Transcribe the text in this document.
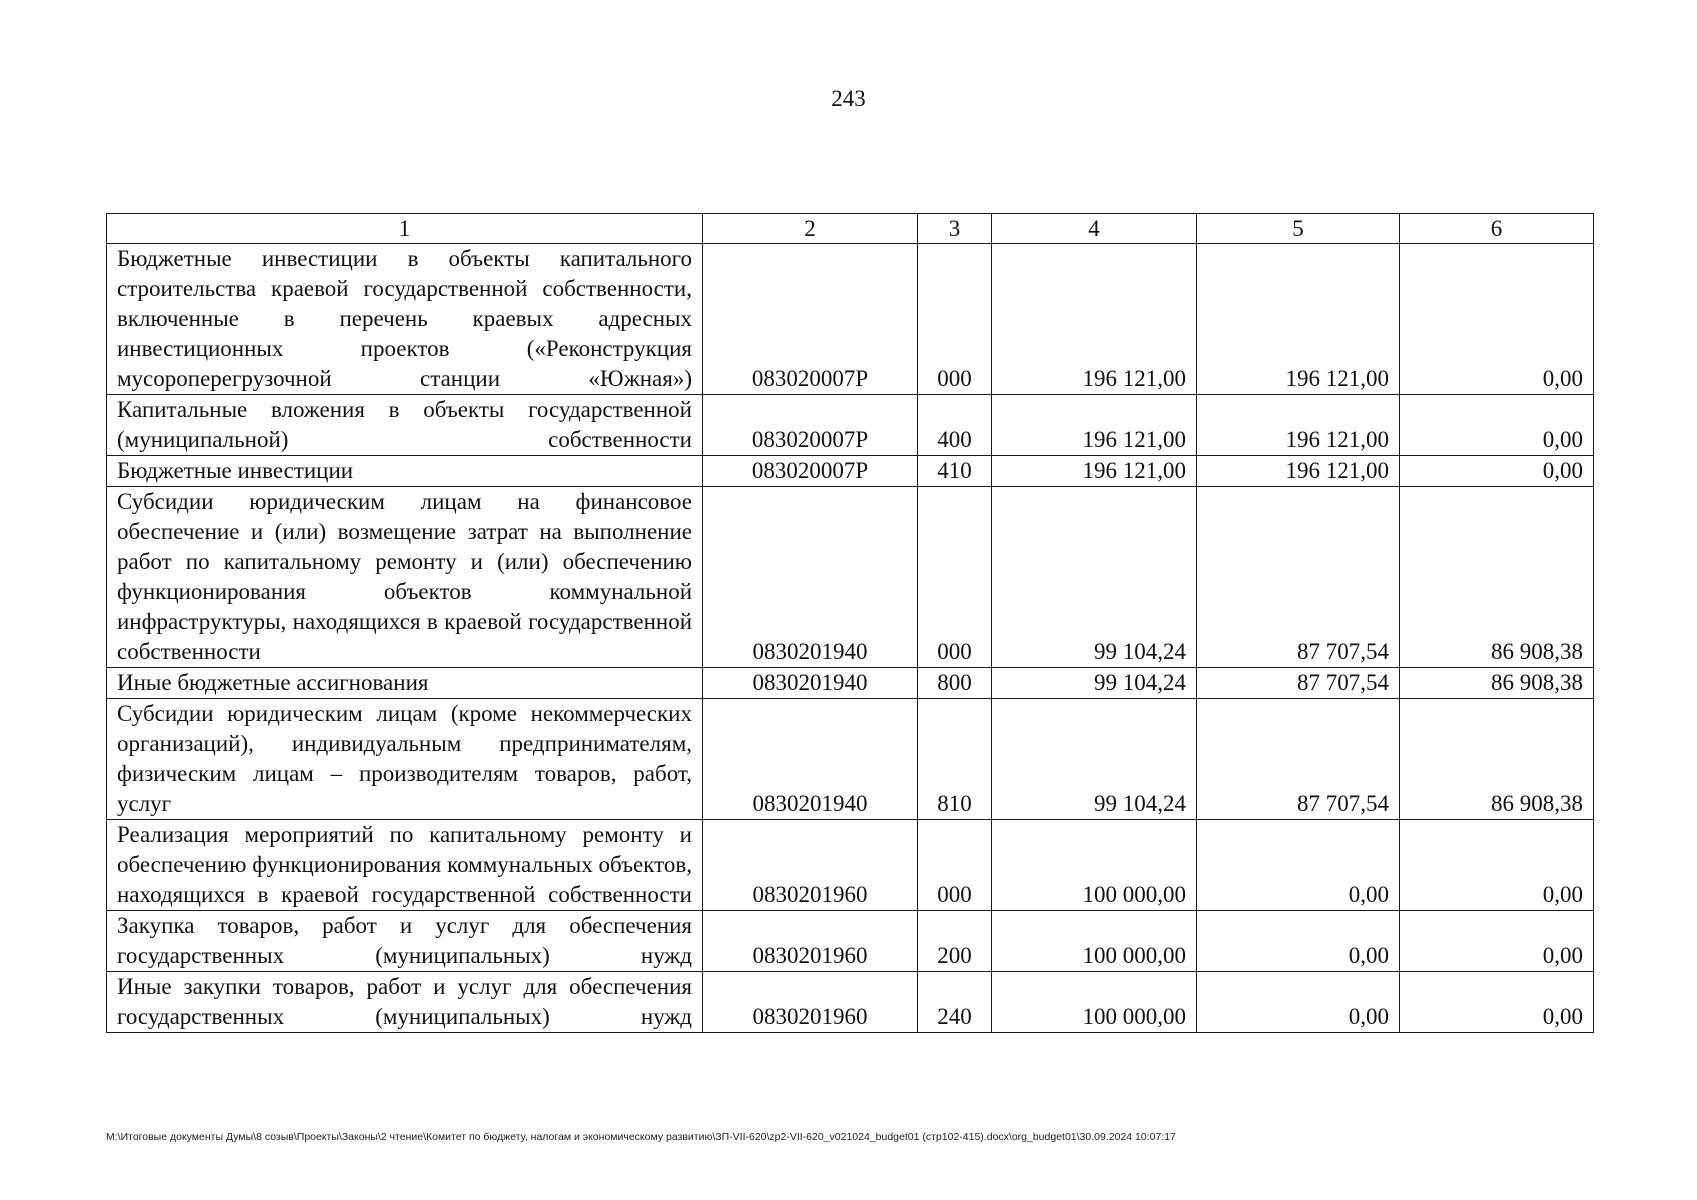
243
1	2	3	4	5	6
Бюджетные инвестиции в объекты капитального строительства краевой государственной собственности, включенные в перечень краевых адресных инвестиционных проектов («Реконструкция мусороперегрузочной станции «Южная»)	083020007Р	000	196 121,00	196 121,00	0,00
Капитальные вложения в объекты государственной (муниципальной) собственности	083020007Р	400	196 121,00	196 121,00	0,00
Бюджетные инвестиции	083020007Р	410	196 121,00	196 121,00	0,00
Субсидии юридическим лицам на финансовое обеспечение и (или) возмещение затрат на выполнение работ по капитальному ремонту и (или) обеспечению функционирования объектов коммунальной инфраструктуры, находящихся в краевой государственной собственности	0830201940	000	99 104,24	87 707,54	86 908,38
Иные бюджетные ассигнования	0830201940	800	99 104,24	87 707,54	86 908,38
Субсидии юридическим лицам (кроме некоммерческих организаций), индивидуальным предпринимателям, физическим лицам – производителям товаров, работ, услуг	0830201940	810	99 104,24	87 707,54	86 908,38
Реализация мероприятий по капитальному ремонту и обеспечению функционирования коммунальных объектов, находящихся в краевой государственной собственности	0830201960	000	100 000,00	0,00	0,00
Закупка товаров, работ и услуг для обеспечения государственных (муниципальных) нужд	0830201960	200	100 000,00	0,00	0,00
Иные закупки товаров, работ и услуг для обеспечения государственных (муниципальных) нужд	0830201960	240	100 000,00	0,00	0,00
M:\Итоговые документы Думы\8 созыв\Проекты\Законы\2 чтение\Комитет по бюджету, налогам и экономическому развитию\ЗП-VII-620\zp2-VII-620_v021024_budget01 (стр102-415).docx\org_budget01\30.09.2024 10:07:17
